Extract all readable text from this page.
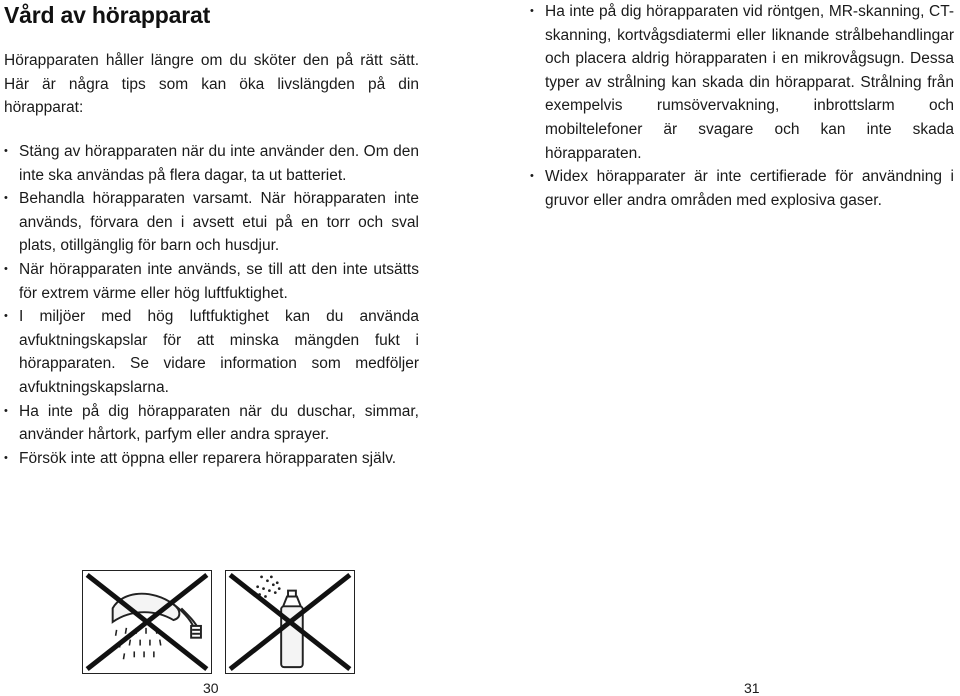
Vård av hörapparat

Hörapparaten håller längre om du sköter den på rätt sätt. Här är några tips som kan öka livslängden på din hörapparat:

• Stäng av hörapparaten när du inte använder den. Om den inte ska användas på flera dagar, ta ut batteriet.
• Behandla hörapparaten varsamt. När hörapparaten inte används, förvara den i avsett etui på en torr och sval plats, otillgänglig för barn och husdjur.
• När hörapparaten inte används, se till att den inte utsätts för extrem värme eller hög luftfuktighet.
• I miljöer med hög luftfuktighet kan du använda avfuktningskapslar för att minska mängden fukt i hörapparaten. Se vidare information som medföljer avfuktningskapslarna.
• Ha inte på dig hörapparaten när du duschar, simmar, använder hårtork, parfym eller andra sprayer.
• Försök inte att öppna eller reparera hörapparaten själv.
• Ha inte på dig hörapparaten vid röntgen, MR-skanning, CT-skanning, kortvågsdiatermi eller liknande strålbehandlingar och placera aldrig hörapparaten i en mikrovågsugn. Dessa typer av strålning kan skada din hörapparat. Strålning från exempelvis rumsövervakning, inbrottslarm och mobiltelefoner är svagare och kan inte skada hörapparaten.
• Widex hörapparater är inte certifierade för användning i gruvor eller andra områden med explosiva gaser.
30	31
